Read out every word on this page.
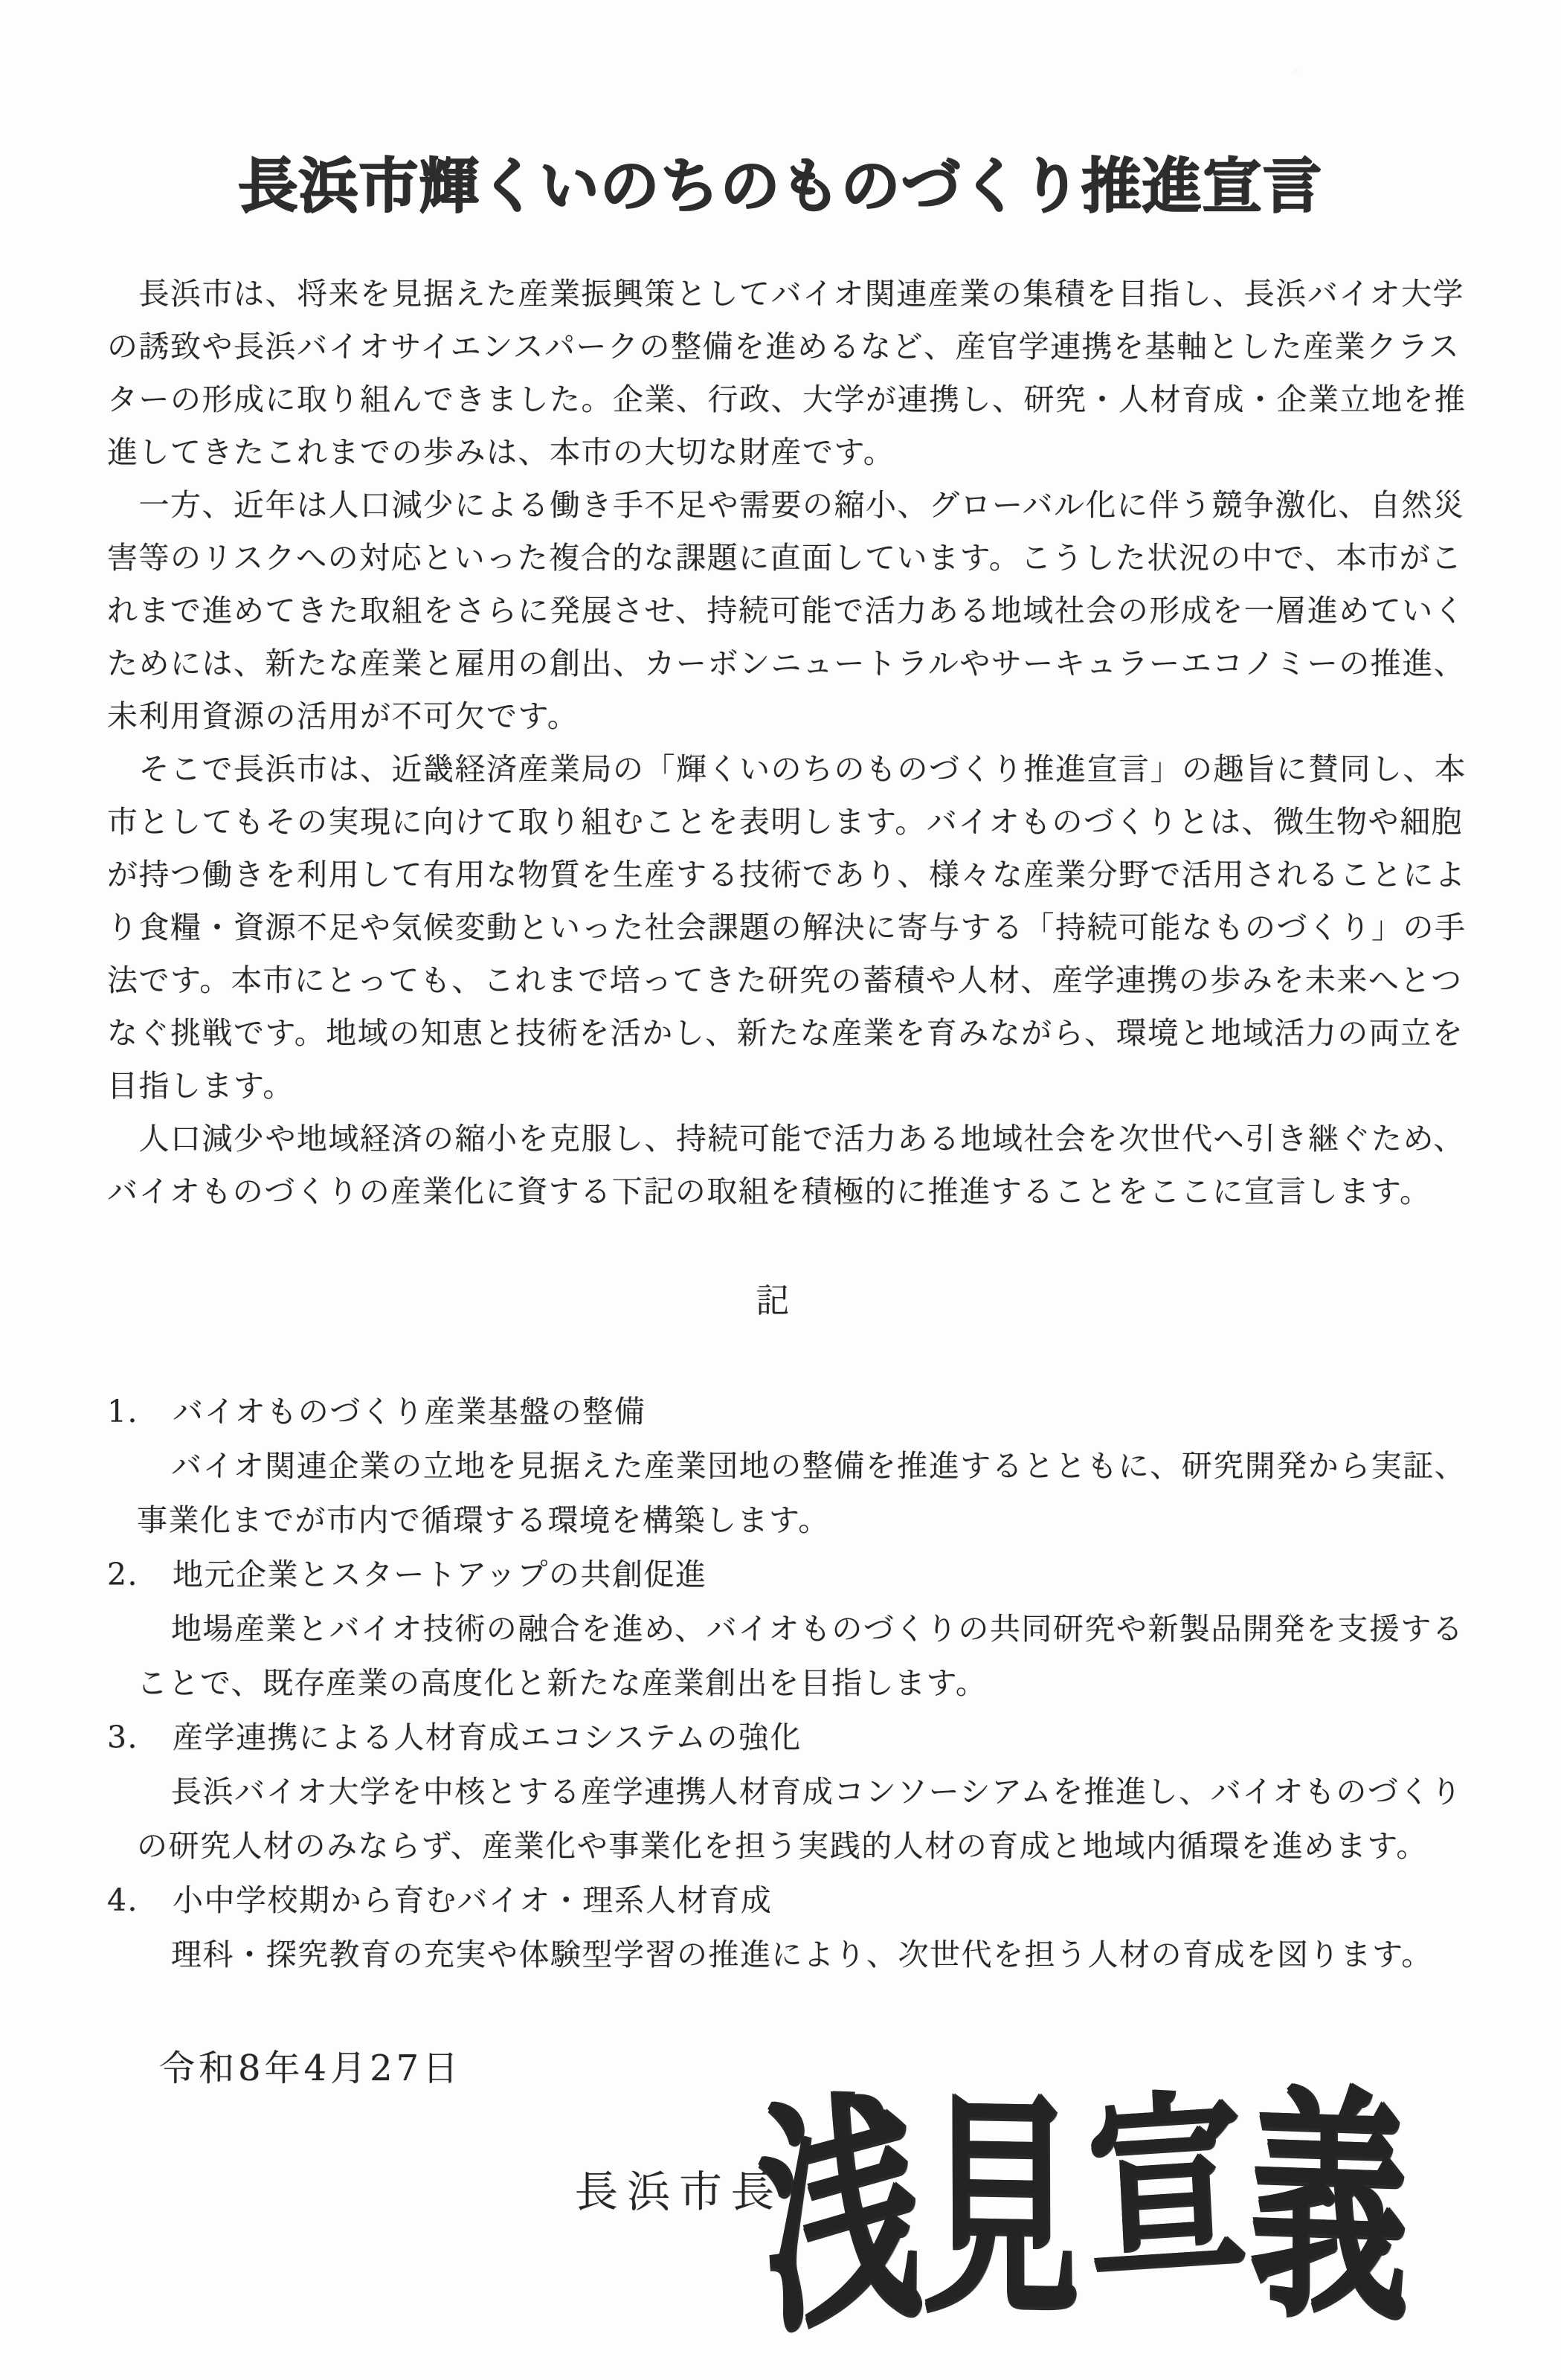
長浜市輝くいのちのものづくり推進宣言
　長浜市は、将来を見据えた産業振興策としてバイオ関連産業の集積を目指し、長浜バイオ大学
の誘致や長浜バイオサイエンスパークの整備を進めるなど、産官学連携を基軸とした産業クラス
ターの形成に取り組んできました。企業、行政、大学が連携し、研究・人材育成・企業立地を推
進してきたこれまでの歩みは、本市の大切な財産です。
　一方、近年は人口減少による働き手不足や需要の縮小、グローバル化に伴う競争激化、自然災
害等のリスクへの対応といった複合的な課題に直面しています。こうした状況の中で、本市がこ
れまで進めてきた取組をさらに発展させ、持続可能で活力ある地域社会の形成を一層進めていく
ためには、新たな産業と雇用の創出、カーボンニュートラルやサーキュラーエコノミーの推進、
未利用資源の活用が不可欠です。
　そこで長浜市は、近畿経済産業局の「輝くいのちのものづくり推進宣言」の趣旨に賛同し、本
市としてもその実現に向けて取り組むことを表明します。バイオものづくりとは、微生物や細胞
が持つ働きを利用して有用な物質を生産する技術であり、様々な産業分野で活用されることによ
り食糧・資源不足や気候変動といった社会課題の解決に寄与する「持続可能なものづくり」の手
法です。本市にとっても、これまで培ってきた研究の蓄積や人材、産学連携の歩みを未来へとつ
なぐ挑戦です。地域の知恵と技術を活かし、新たな産業を育みながら、環境と地域活力の両立を
目指します。
　人口減少や地域経済の縮小を克服し、持続可能で活力ある地域社会を次世代へ引き継ぐため、
バイオものづくりの産業化に資する下記の取組を積極的に推進することをここに宣言します。
記
1． バイオものづくり産業基盤の整備
バイオ関連企業の立地を見据えた産業団地の整備を推進するとともに、研究開発から実証、
事業化までが市内で循環する環境を構築します。
2． 地元企業とスタートアップの共創促進
地場産業とバイオ技術の融合を進め、バイオものづくりの共同研究や新製品開発を支援する
ことで、既存産業の高度化と新たな産業創出を目指します。
3． 産学連携による人材育成エコシステムの強化
長浜バイオ大学を中核とする産学連携人材育成コンソーシアムを推進し、バイオものづくり
の研究人材のみならず、産業化や事業化を担う実践的人材の育成と地域内循環を進めます。
4． 小中学校期から育むバイオ・理系人材育成
理科・探究教育の充実や体験型学習の推進により、次世代を担う人材の育成を図ります。
令和8年4月27日
長浜市長
浅
見 宣 義
